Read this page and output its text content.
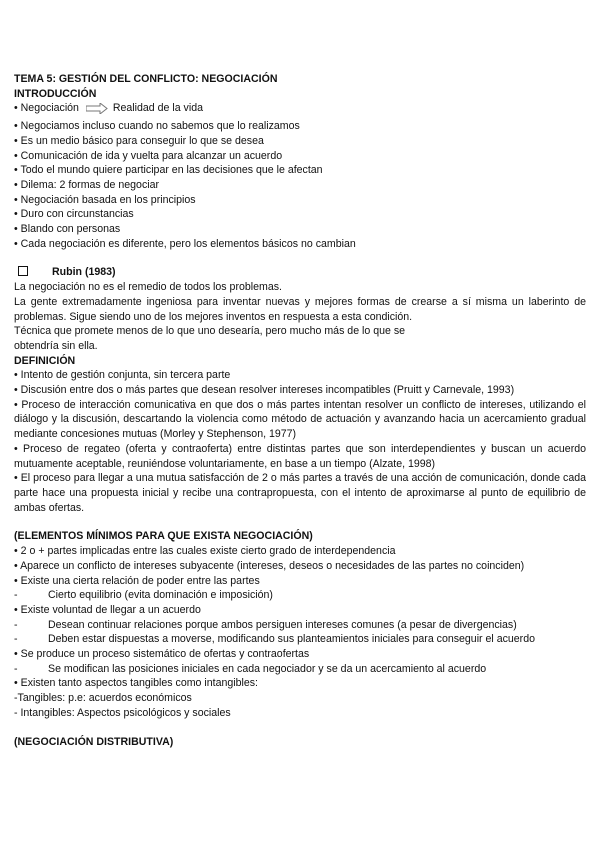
TEMA 5: GESTIÓN DEL CONFLICTO: NEGOCIACIÓN
INTRODUCCIÓN
• Negociación	Realidad de la vida
• Negociamos incluso cuando no sabemos que lo realizamos
• Es un medio básico para conseguir lo que se desea
• Comunicación de ida y vuelta para alcanzar un acuerdo
• Todo el mundo quiere participar en las decisiones que le afectan
• Dilema: 2 formas de negociar
• Negociación basada en los principios
• Duro con circunstancias
• Blando con personas
• Cada negociación es diferente, pero los elementos básicos no cambian
Rubin (1983)
La negociación no es el remedio de todos los problemas.
La gente extremadamente ingeniosa para inventar nuevas y mejores formas de crearse a sí misma un laberinto de problemas. Sigue siendo uno de los mejores inventos en respuesta a esta condición.
Técnica que promete menos de lo que uno desearía, pero mucho más de lo que se
obtendría sin ella.
DEFINICIÓN
• Intento de gestión conjunta, sin tercera parte
• Discusión entre dos o más partes que desean resolver intereses incompatibles (Pruitt y Carnevale, 1993)
• Proceso de interacción comunicativa en que dos o más partes intentan resolver un conflicto de intereses, utilizando el diálogo y la discusión, descartando la violencia como método de actuación y avanzando hacia un acercamiento gradual mediante concesiones mutuas (Morley y Stephenson, 1977)
• Proceso de regateo (oferta y contraoferta) entre distintas partes que son interdependientes y buscan un acuerdo mutuamente aceptable, reuniéndose voluntariamente, en base a un tiempo (Alzate, 1998)
• El proceso para llegar a una mutua satisfacción de 2 o más partes a través de una acción de comunicación, donde cada parte hace una propuesta inicial y recibe una contrapropuesta, con el intento de aproximarse al punto de equilibrio de ambas ofertas.
(ELEMENTOS MÍNIMOS PARA QUE EXISTA NEGOCIACIÓN)
• 2 o + partes implicadas entre las cuales existe cierto grado de interdependencia
• Aparece un conflicto de intereses subyacente (intereses, deseos o necesidades de las partes no coinciden)
• Existe una cierta relación de poder entre las partes
-	Cierto equilibrio (evita dominación e imposición)
• Existe voluntad de llegar a un acuerdo
-	Desean continuar relaciones porque ambos persiguen intereses comunes (a pesar de divergencias)
-	Deben estar dispuestas a moverse, modificando sus planteamientos iniciales para conseguir el acuerdo
• Se produce un proceso sistemático de ofertas y contraofertas
-	Se modifican las posiciones iniciales en cada negociador y se da un acercamiento al acuerdo
• Existen tanto aspectos tangibles como intangibles:
-Tangibles: p.e: acuerdos económicos
- Intangibles: Aspectos psicológicos y sociales
(NEGOCIACIÓN DISTRIBUTIVA)
